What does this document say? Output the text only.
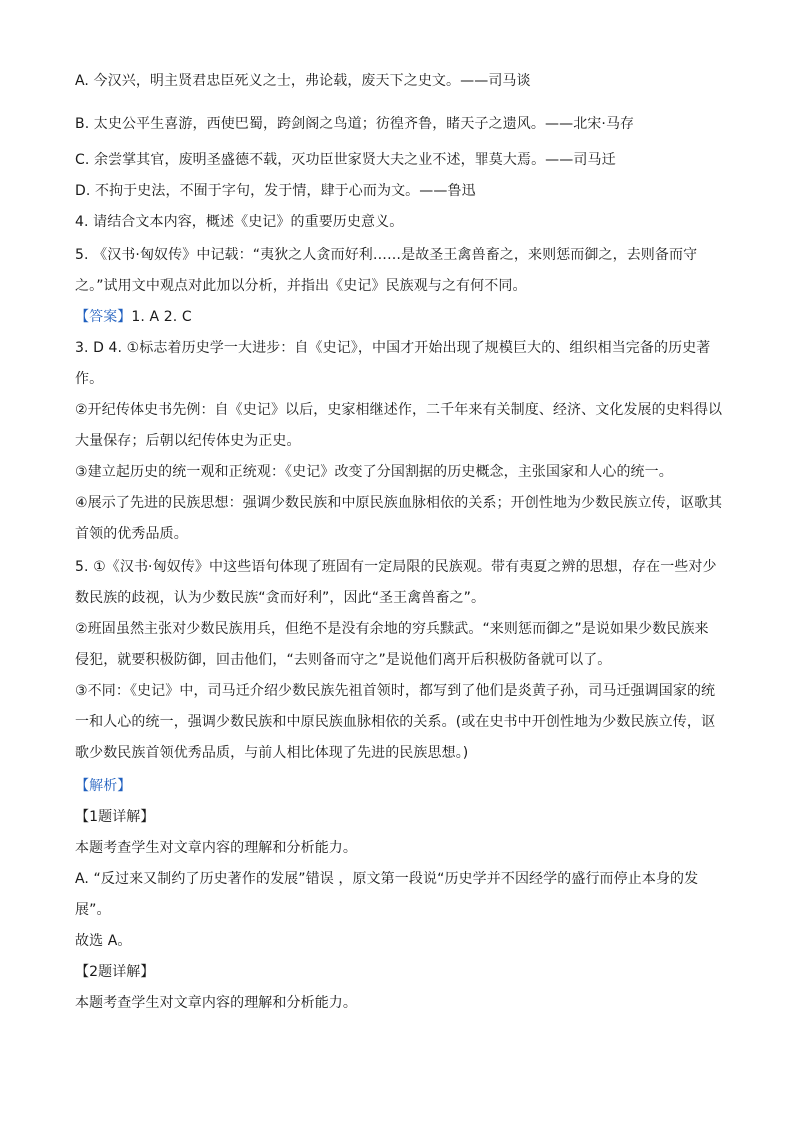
A. 今汉兴，明主贤君忠臣死义之士，弗论载，废天下之史文。——司马谈
B. 太史公平生喜游，西使巴蜀，跨剑阁之鸟道；彷徨齐鲁，睹天子之遗风。——北宋·马存
C. 余尝掌其官，废明圣盛德不载，灭功臣世家贤大夫之业不述，罪莫大焉。——司马迁
D. 不拘于史法，不囿于字句，发于情，肆于心而为文。——鲁迅
4. 请结合文本内容，概述《史记》的重要历史意义。
5. 《汉书·匈奴传》中记载：“夷狄之人贪而好利……是故圣王禽兽畜之，来则惩而御之，去则备而守
之。”试用文中观点对此加以分析，并指出《史记》民族观与之有何不同。
【答案】1. A 2. C
3. D 4. ①标志着历史学一大进步：自《史记》，中国才开始出现了规模巨大的、组织相当完备的历史著
作。
②开纪传体史书先例：自《史记》以后，史家相继述作，二千年来有关制度、经济、文化发展的史料得以
大量保存；后朝以纪传体史为正史。
③建立起历史的统一观和正统观：《史记》改变了分国割据的历史概念，主张国家和人心的统一。
④展示了先进的民族思想：强调少数民族和中原民族血脉相依的关系；开创性地为少数民族立传，讴歌其
首领的优秀品质。
5. ①《汉书·匈奴传》中这些语句体现了班固有一定局限的民族观。带有夷夏之辨的思想，存在一些对少
数民族的歧视，认为少数民族“贪而好利”，因此“圣王禽兽畜之”。
②班固虽然主张对少数民族用兵，但绝不是没有余地的穷兵黩武。“来则惩而御之”是说如果少数民族来
侵犯，就要积极防御，回击他们，“去则备而守之”是说他们离开后积极防备就可以了。
③不同：《史记》中，司马迁介绍少数民族先祖首领时，都写到了他们是炎黄子孙，司马迁强调国家的统
一和人心的统一，强调少数民族和中原民族血脉相依的关系。(或在史书中开创性地为少数民族立传，讴
歌少数民族首领优秀品质，与前人相比体现了先进的民族思想。)
【解析】
【1题详解】
本题考查学生对文章内容的理解和分析能力。
A. “反过来又制约了历史著作的发展”错误 ，原文第一段说“历史学并不因经学的盛行而停止本身的发
展”。
故选 A。
【2题详解】
本题考查学生对文章内容的理解和分析能力。
